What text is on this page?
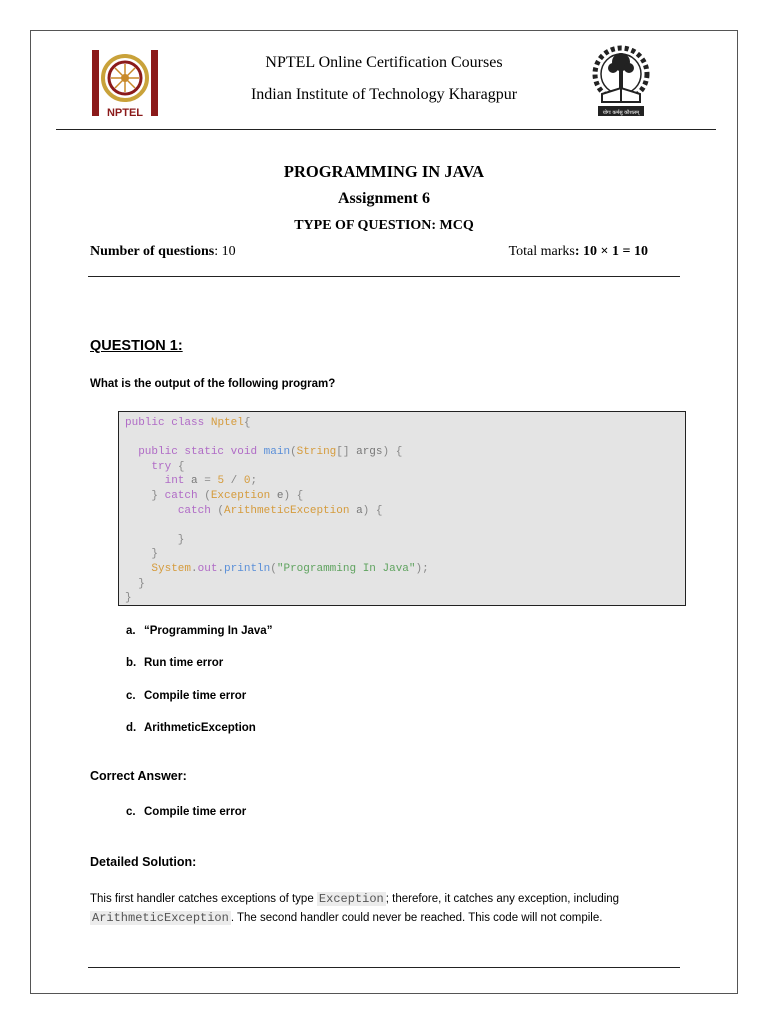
NPTEL
NPTEL Online Certification Courses
Indian Institute of Technology Kharagpur
योगः कर्मसु कौशलम्
PROGRAMMING IN JAVA
Assignment 6
TYPE OF QUESTION: MCQ
Number of questions: 10	Total marks: 10 × 1 = 10
QUESTION 1:
What is the output of the following program?
public class Nptel{

public static void main(String[] args) {
try {
int a = 5 / 0;
} catch (Exception e) {
catch (ArithmeticException a) {

}
}
System.out.println("Programming In Java");
}
}
a. “Programming In Java”
b. Run time error
c. Compile time error
d. ArithmeticException
Correct Answer:
c. Compile time error
Detailed Solution:
This first handler catches exceptions of type Exception ; therefore, it catches any exception, including ArithmeticException . The second handler could never be reached. This code will not compile.
